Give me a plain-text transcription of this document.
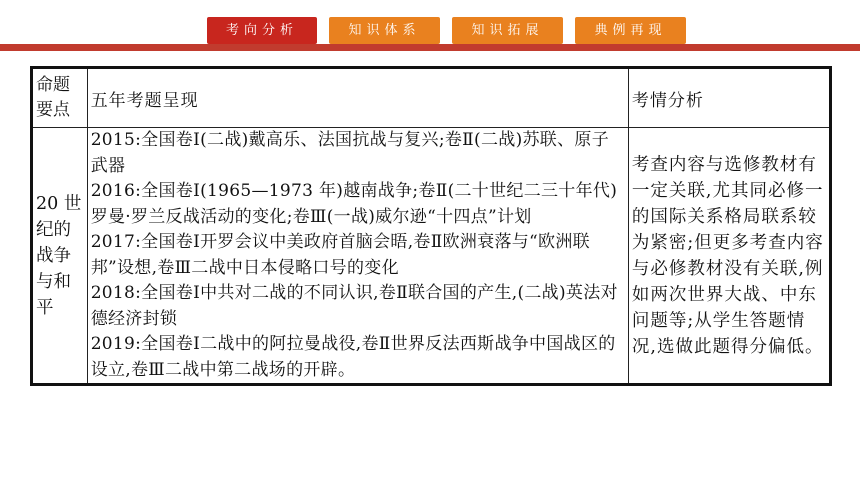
考向分析	知识体系	知识拓展	典例再现
命题要点	五年考题呈现	考情分析
20 世纪的战争与和平	2015:全国卷Ⅰ(二战)戴高乐、法国抗战与复兴;卷Ⅱ(二战)苏联、原子武器
2016:全国卷Ⅰ(1965—1973 年)越南战争;卷Ⅱ(二十世纪二三十年代)罗曼·罗兰反战活动的变化;卷Ⅲ(一战)威尔逊“十四点”计划
2017:全国卷Ⅰ开罗会议中美政府首脑会晤,卷Ⅱ欧洲衰落与“欧洲联邦”设想,卷Ⅲ二战中日本侵略口号的变化
2018:全国卷Ⅰ中共对二战的不同认识,卷Ⅱ联合国的产生,(二战)英法对德经济封锁
2019:全国卷Ⅰ二战中的阿拉曼战役,卷Ⅱ世界反法西斯战争中国战区的设立,卷Ⅲ二战中第二战场的开辟。	考查内容与选修教材有一定关联,尤其同必修一的国际关系格局联系较为紧密;但更多考查内容与必修教材没有关联,例如两次世界大战、中东问题等;从学生答题情况,选做此题得分偏低。
